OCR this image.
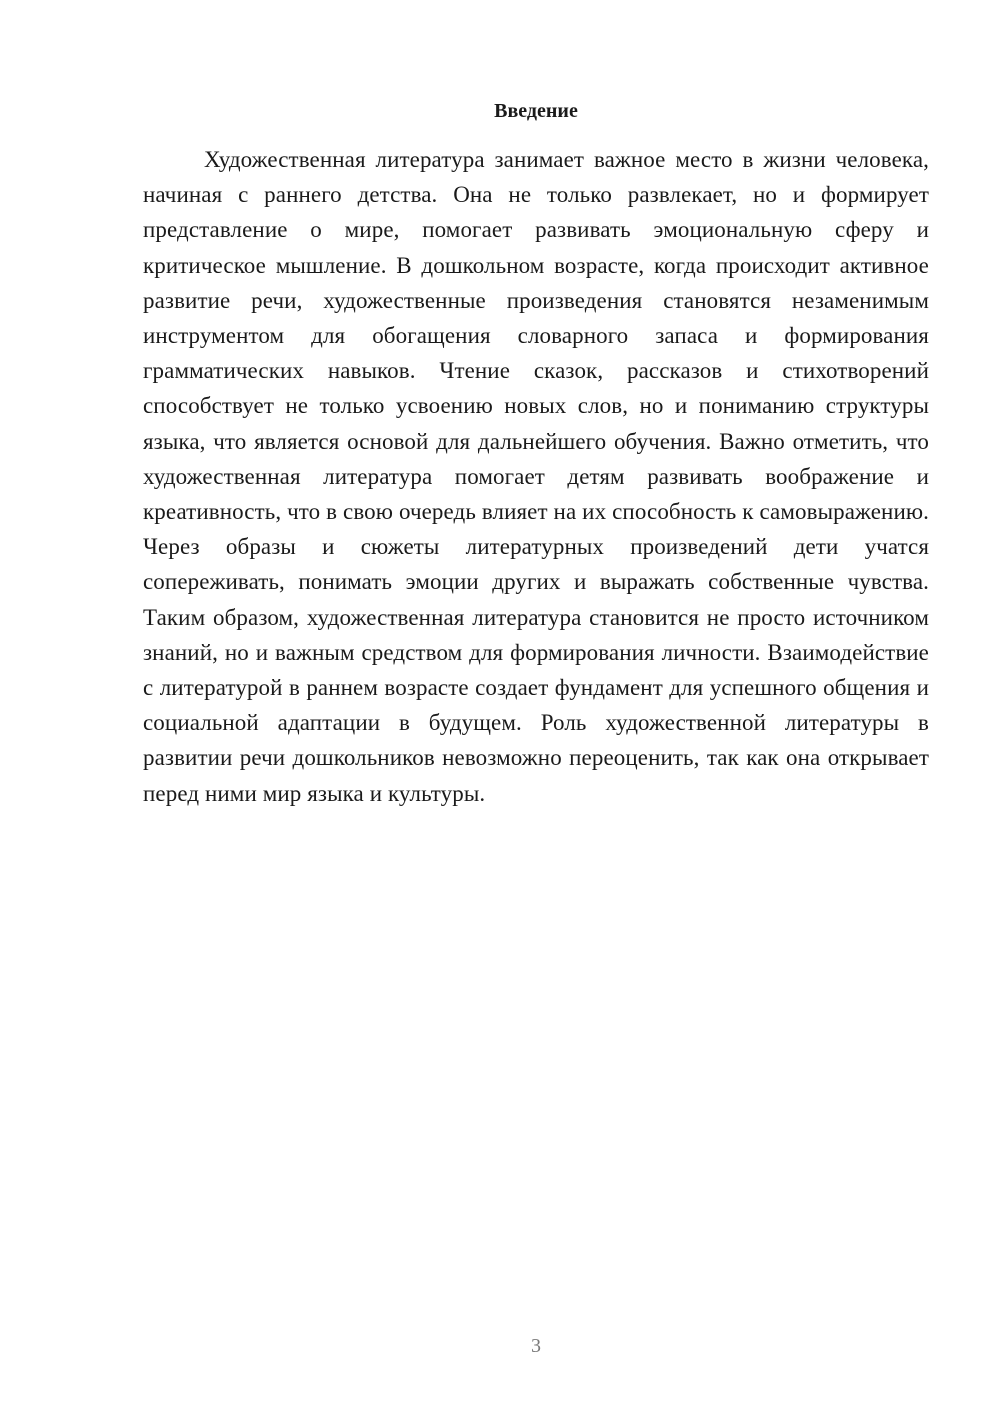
Введение

Художественная литература занимает важное место в жизни человека, начиная с раннего детства. Она не только развлекает, но и формирует представление о мире, помогает развивать эмоциональную сферу и критическое мышление. В дошкольном возрасте, когда происходит активное развитие речи, художественные произведения становятся незаменимым инструментом для обогащения словарного запаса и формирования грамматических навыков. Чтение сказок, рассказов и стихотворений способствует не только усвоению новых слов, но и пониманию структуры языка, что является основой для дальнейшего обучения. Важно отметить, что художественная литература помогает детям развивать воображение и креативность, что в свою очередь влияет на их способность к самовыражению. Через образы и сюжеты литературных произведений дети учатся сопереживать, понимать эмоции других и выражать собственные чувства. Таким образом, художественная литература становится не просто источником знаний, но и важным средством для формирования личности. Взаимодействие с литературой в раннем возрасте создает фундамент для успешного общения и социальной адаптации в будущем. Роль художественной литературы в развитии речи дошкольников невозможно переоценить, так как она открывает перед ними мир языка и культуры.

3
